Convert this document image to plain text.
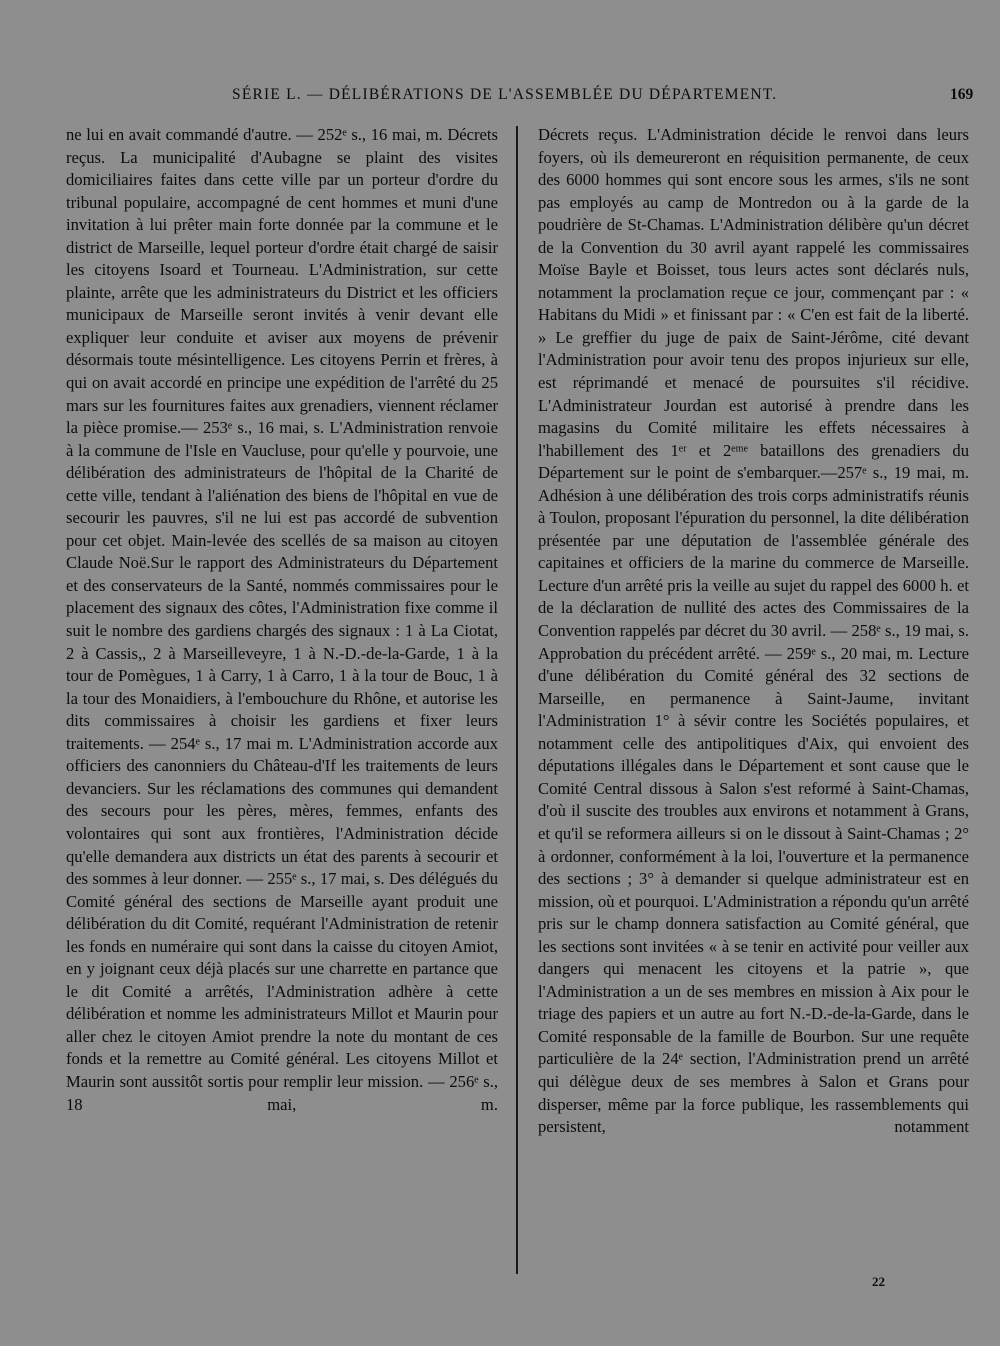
SÉRIE L. — DÉLIBÉRATIONS DE L'ASSEMBLÉE DU DÉPARTEMENT.	169

ne lui en avait commandé d'autre. — 252ᵉ s., 16 mai, m. Décrets reçus. La municipalité d'Aubagne se plaint des visites domiciliaires faites dans cette ville par un porteur d'ordre du tribunal populaire, accompagné de cent hommes et muni d'une invitation à lui prêter main forte donnée par la commune et le district de Marseille, lequel porteur d'ordre était chargé de saisir les citoyens Isoard et Tourneau. L'Administration, sur cette plainte, arrête que les administrateurs du District et les officiers municipaux de Marseille seront invités à venir devant elle expliquer leur conduite et aviser aux moyens de prévenir désormais toute mésintelligence. Les citoyens Perrin et frères, à qui on avait accordé en principe une expédition de l'arrêté du 25 mars sur les fournitures faites aux grenadiers, viennent réclamer la pièce promise.— 253ᵉ s., 16 mai, s. L'Administration renvoie à la commune de l'Isle en Vaucluse, pour qu'elle y pourvoie, une délibération des administrateurs de l'hôpital de la Charité de cette ville, tendant à l'aliénation des biens de l'hôpital en vue de secourir les pauvres, s'il ne lui est pas accordé de subvention pour cet objet. Main-levée des scellés de sa maison au citoyen Claude Noë.Sur le rapport des Administrateurs du Département et des conservateurs de la Santé, nommés commissaires pour le placement des signaux des côtes, l'Administration fixe comme il suit le nombre des gardiens chargés des signaux : 1 à La Ciotat, 2 à Cassis,, 2 à Marseilleveyre, 1 à N.-D.-de-la-Garde, 1 à la tour de Pomègues, 1 à Carry, 1 à Carro, 1 à la tour de Bouc, 1 à la tour des Monaidiers, à l'embouchure du Rhône, et autorise les dits commissaires à choisir les gardiens et fixer leurs traitements. — 254ᵉ s., 17 mai m. L'Administration accorde aux officiers des canonniers du Château-d'If les traitements de leurs devanciers. Sur les réclamations des communes qui demandent des secours pour les pères, mères, femmes, enfants des volontaires qui sont aux frontières, l'Administration décide qu'elle demandera aux districts un état des parents à secourir et des sommes à leur donner. — 255ᵉ s., 17 mai, s. Des délégués du Comité général des sections de Marseille ayant produit une délibération du dit Comité, requérant l'Administration de retenir les fonds en numéraire qui sont dans la caisse du citoyen Amiot, en y joignant ceux déjà placés sur une charrette en partance que le dit Comité a arrêtés, l'Administration adhère à cette délibération et nomme les administrateurs Millot et Maurin pour aller chez le citoyen Amiot prendre la note du montant de ces fonds et la remettre au Comité général. Les citoyens Millot et Maurin sont aussitôt sortis pour remplir leur mission. — 256ᵉ s., 18 mai, m.

Décrets reçus. L'Administration décide le renvoi dans leurs foyers, où ils demeureront en réquisition permanente, de ceux des 6000 hommes qui sont encore sous les armes, s'ils ne sont pas employés au camp de Montredon ou à la garde de la poudrière de St-Chamas. L'Administration délibère qu'un décret de la Convention du 30 avril ayant rappelé les commissaires Moïse Bayle et Boisset, tous leurs actes sont déclarés nuls, notamment la proclamation reçue ce jour, commençant par : « Habitans du Midi » et finissant par : « C'en est fait de la liberté. » Le greffier du juge de paix de Saint-Jérôme, cité devant l'Administration pour avoir tenu des propos injurieux sur elle, est réprimandé et menacé de poursuites s'il récidive. L'Administrateur Jourdan est autorisé à prendre dans les magasins du Comité militaire les effets nécessaires à l'habillement des 1ᵉʳ et 2ᵉᵐᵉ bataillons des grenadiers du Département sur le point de s'embarquer.—257ᵉ s., 19 mai, m. Adhésion à une délibération des trois corps administratifs réunis à Toulon, proposant l'épuration du personnel, la dite délibération présentée par une députation de l'assemblée générale des capitaines et officiers de la marine du commerce de Marseille. Lecture d'un arrêté pris la veille au sujet du rappel des 6000 h. et de la déclaration de nullité des actes des Commissaires de la Convention rappelés par décret du 30 avril. — 258ᵉ s., 19 mai, s. Approbation du précédent arrêté. — 259ᵉ s., 20 mai, m. Lecture d'une délibération du Comité général des 32 sections de Marseille, en permanence à Saint-Jaume, invitant l'Administration 1° à sévir contre les Sociétés populaires, et notamment celle des antipolitiques d'Aix, qui envoient des députations illégales dans le Département et sont cause que le Comité Central dissous à Salon s'est reformé à Saint-Chamas, d'où il suscite des troubles aux environs et notamment à Grans, et qu'il se reformera ailleurs si on le dissout à Saint-Chamas ; 2° à ordonner, conformément à la loi, l'ouverture et la permanence des sections ; 3° à demander si quelque administrateur est en mission, où et pourquoi. L'Administration a répondu qu'un arrêté pris sur le champ donnera satisfaction au Comité général, que les sections sont invitées « à se tenir en activité pour veiller aux dangers qui menacent les citoyens et la patrie », que l'Administration a un de ses membres en mission à Aix pour le triage des papiers et un autre au fort N.-D.-de-la-Garde, dans le Comité responsable de la famille de Bourbon. Sur une requête particulière de la 24ᵉ section, l'Administration prend un arrêté qui délègue deux de ses membres à Salon et Grans pour disperser, même par la force publique, les rassemblements qui persistent, notamment

22
